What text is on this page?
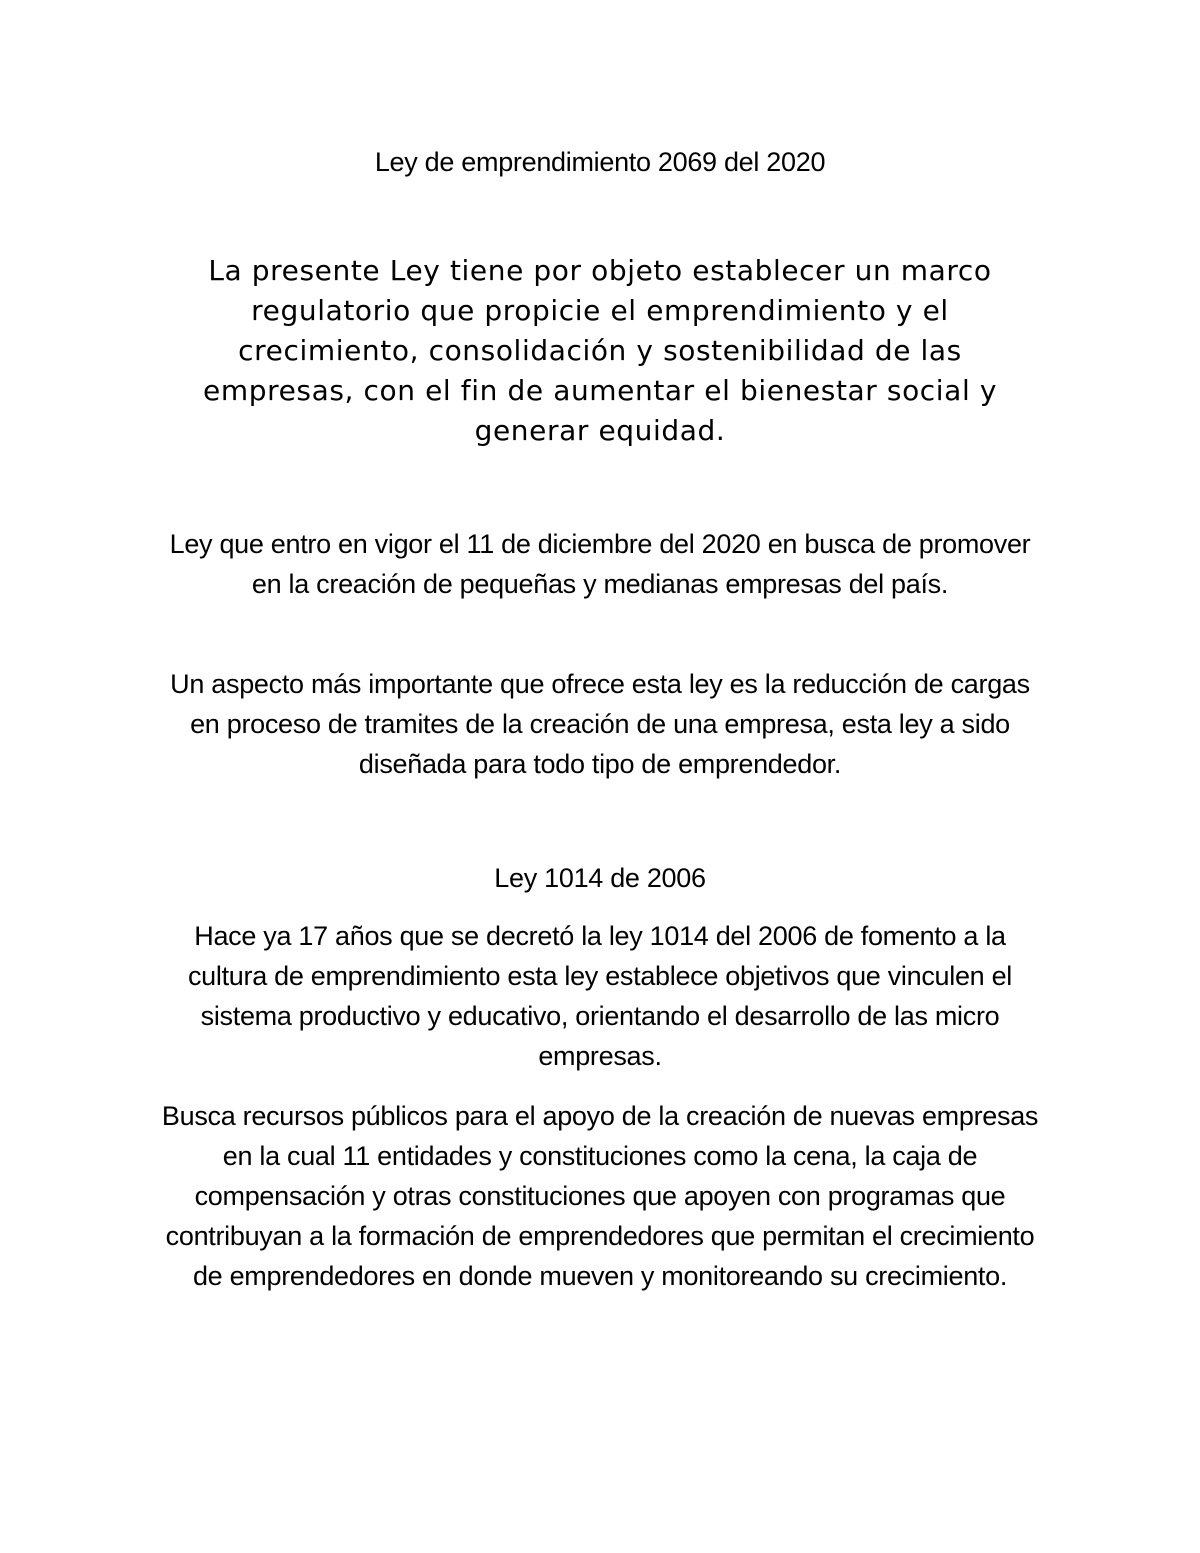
Ley de emprendimiento 2069 del 2020

La presente Ley tiene por objeto establecer un marco regulatorio que propicie el emprendimiento y el crecimiento, consolidación y sostenibilidad de las empresas, con el fin de aumentar el bienestar social y generar equidad.

Ley que entro en vigor el 11 de diciembre del 2020 en busca de promover en la creación de pequeñas y medianas empresas del país.

Un aspecto más importante que ofrece esta ley es la reducción de cargas en proceso de tramites de la creación de una empresa, esta ley a sido diseñada para todo tipo de emprendedor.

Ley 1014 de 2006

Hace ya 17 años que se decretó la ley 1014 del 2006 de fomento a la cultura de emprendimiento esta ley establece objetivos que vinculen el sistema productivo y educativo, orientando el desarrollo de las micro empresas.

Busca recursos públicos para el apoyo de la creación de nuevas empresas en la cual 11 entidades y constituciones como la cena, la caja de compensación y otras constituciones que apoyen con programas que contribuyan a la formación de emprendedores que permitan el crecimiento de emprendedores en donde mueven y monitoreando su crecimiento.
